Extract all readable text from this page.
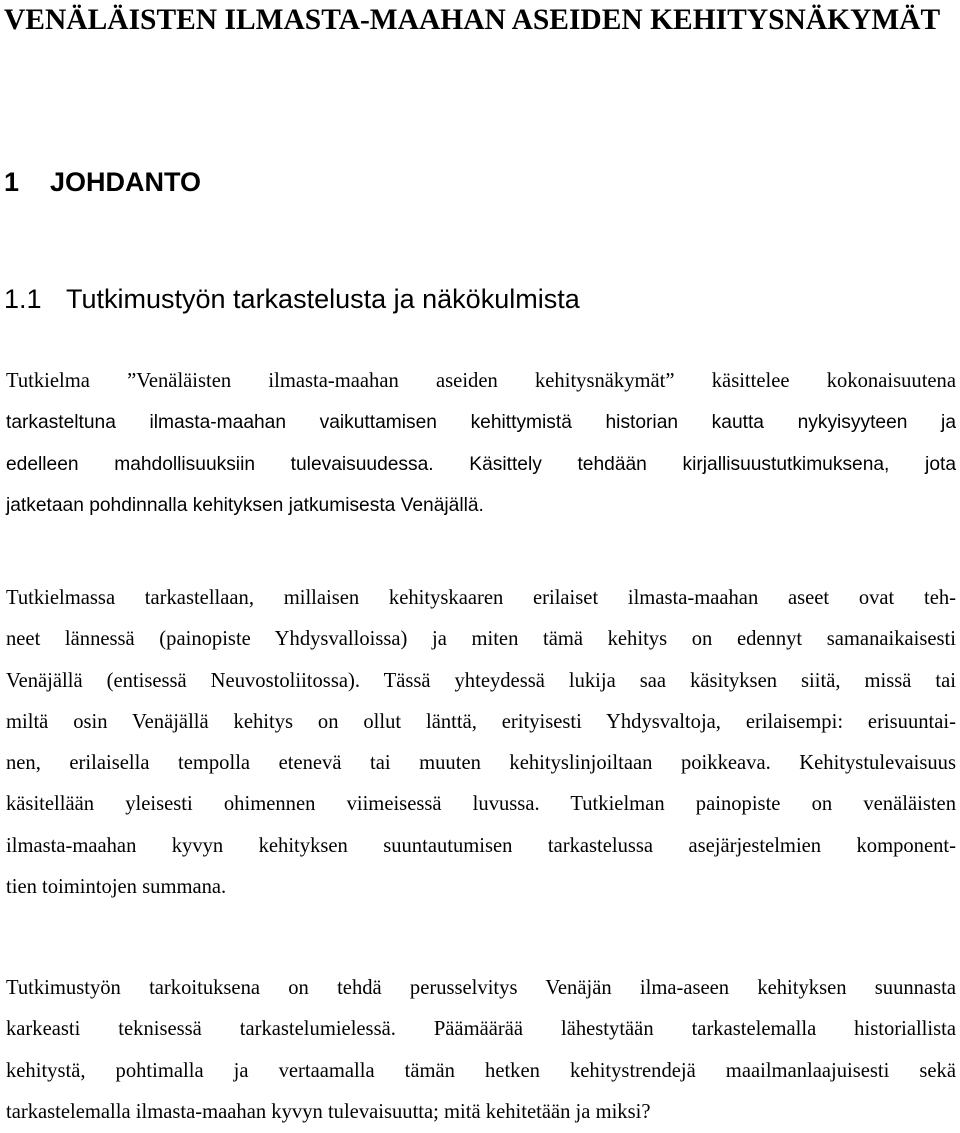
VENÄLÄISTEN ILMASTA-MAAHAN ASEIDEN KEHITYSNÄKYMÄT
1 JOHDANTO
1.1 Tutkimustyön tarkastelusta ja näkökulmista
Tutkielma ”Venäläisten ilmasta-maahan aseiden kehitysnäkymät” käsittelee kokonaisuutena
tarkasteltuna ilmasta-maahan vaikuttamisen kehittymistä historian kautta nykyisyyteen ja
edelleen mahdollisuuksiin tulevaisuudessa. Käsittely tehdään kirjallisuustutkimuksena, jota
jatketaan pohdinnalla kehityksen jatkumisesta Venäjällä.
Tutkielmassa tarkastellaan, millaisen kehityskaaren erilaiset ilmasta-maahan aseet ovat teh-
neet lännessä (painopiste Yhdysvalloissa) ja miten tämä kehitys on edennyt samanaikaisesti
Venäjällä (entisessä Neuvostoliitossa). Tässä yhteydessä lukija saa käsityksen siitä, missä tai
miltä osin Venäjällä kehitys on ollut länttä, erityisesti Yhdysvaltoja, erilaisempi: erisuuntai-
nen, erilaisella tempolla etenevä tai muuten kehityslinjoiltaan poikkeava. Kehitystulevaisuus
käsitellään yleisesti ohimennen viimeisessä luvussa. Tutkielman painopiste on venäläisten
ilmasta-maahan kyvyn kehityksen suuntautumisen tarkastelussa asejärjestelmien komponent-
tien toimintojen summana.
Tutkimustyön tarkoituksena on tehdä perusselvitys Venäjän ilma-aseen kehityksen suunnasta
karkeasti teknisessä tarkastelumielessä. Päämäärää lähestytään tarkastelemalla historiallista
kehitystä, pohtimalla ja vertaamalla tämän hetken kehitystrendejä maailmanlaajuisesti sekä
tarkastelemalla ilmasta-maahan kyvyn tulevaisuutta; mitä kehitetään ja miksi?
